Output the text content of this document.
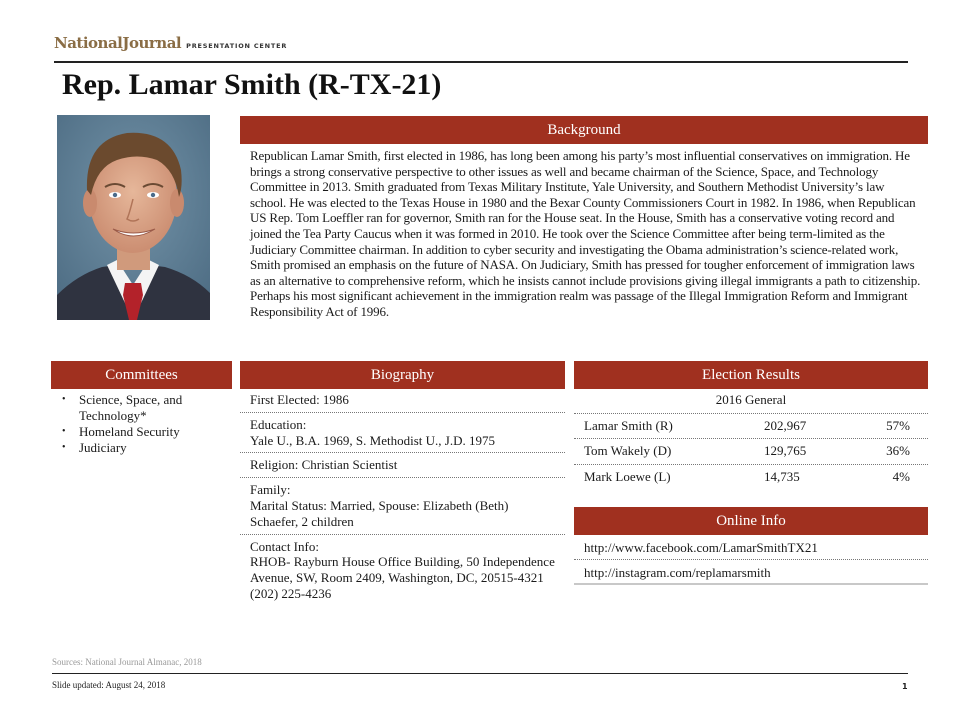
NationalJournal PRESENTATION CENTER
Rep. Lamar Smith (R-TX-21)
Background
Republican Lamar Smith, first elected in 1986, has long been among his party’s most influential conservatives on immigration. He brings a strong conservative perspective to other issues as well and became chairman of the Science, Space, and Technology Committee in 2013. Smith graduated from Texas Military Institute, Yale University, and Southern Methodist University’s law school. He was elected to the Texas House in 1980 and the Bexar County Commissioners Court in 1982. In 1986, when Republican US Rep. Tom Loeffler ran for governor, Smith ran for the House seat. In the House, Smith has a conservative voting record and joined the Tea Party Caucus when it was formed in 2010. He took over the Science Committee after being term-limited as the Judiciary Committee chairman. In addition to cyber security and investigating the Obama administration’s science-related work, Smith promised an emphasis on the future of NASA. On Judiciary, Smith has pressed for tougher enforcement of immigration laws as an alternative to comprehensive reform, which he insists cannot include provisions giving illegal immigrants a path to citizenship. Perhaps his most significant achievement in the immigration realm was passage of the Illegal Immigration Reform and Immigrant Responsibility Act of 1996.
Committees
• Science, Space, and Technology*
• Homeland Security
• Judiciary
Biography
First Elected: 1986
Education:
Yale U., B.A. 1969, S. Methodist U., J.D. 1975
Religion: Christian Scientist
Family:
Marital Status: Married, Spouse: Elizabeth (Beth) Schaefer, 2 children
Contact Info:
RHOB- Rayburn House Office Building, 50 Independence Avenue, SW, Room 2409, Washington, DC, 20515-4321
(202) 225-4236
Election Results
2016 General
Lamar Smith (R)	202,967	57%
Tom Wakely (D)	129,765	36%
Mark Loewe (L)	14,735	4%
Online Info
http://www.facebook.com/LamarSmithTX21
http://instagram.com/replamarsmith
Sources: National Journal Almanac, 2018
Slide updated: August 24, 2018	1
